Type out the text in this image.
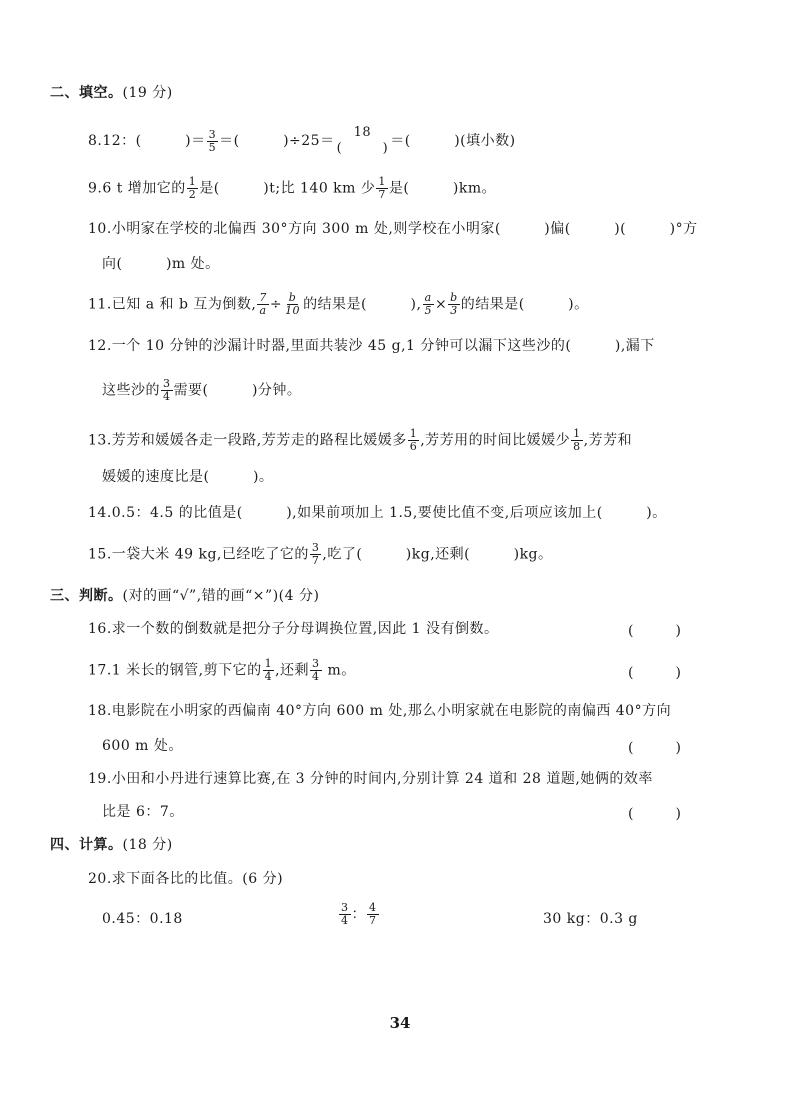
二、填空。(19 分)
8.12：(　　　)＝ $\frac{3}{5}$ ＝(　　　)÷25＝
18
(　　　) ＝(　　　)(填小数)
9.6 t 增加它的 $\frac{1}{2}$ 是(　　　)t;比 140 km 少 $\frac{1}{7}$ 是(　　　)km。
10.小明家在学校的北偏西 30°方向 300 m 处,则学校在小明家(　　　)偏(　　　)(　　　)°方
向(　　　)m 处。
11.已知 a 和 b 互为倒数, $\frac{7}{a} \div \frac{b}{10}$ 的结果是(　　　), $\frac{a}{5} \times \frac{b}{3}$ 的结果是(　　　)。
12.一个 10 分钟的沙漏计时器,里面共装沙 45 g,1 分钟可以漏下这些沙的(　　　),漏下
这些沙的 $\frac{3}{4}$ 需要(　　　)分钟。
13.芳芳和媛媛各走一段路,芳芳走的路程比媛媛多 $\frac{1}{6}$ ,芳芳用的时间比媛媛少 $\frac{1}{8}$ ,芳芳和
媛媛的速度比是(　　　)。
14.0.5：4.5 的比值是(　　　),如果前项加上 1.5,要使比值不变,后项应该加上(　　　)。
15.一袋大米 49 kg,已经吃了它的 $\frac{3}{7}$ ,吃了(　　　)kg,还剩(　　　)kg。
三、判断。(对的画“√”,错的画“×”)(4 分)
16.求一个数的倒数就是把分子分母调换位置,因此 1 没有倒数。	(　　　)
17.1 米长的钢管,剪下它的 $\frac{1}{4}$ ,还剩 $\frac{3}{4}$ m。	(　　　)
18.电影院在小明家的西偏南 40°方向 600 m 处,那么小明家就在电影院的南偏西 40°方向
600 m 处。	(　　　)
19.小田和小丹进行速算比赛,在 3 分钟的时间内,分别计算 24 道和 28 道题,她俩的效率
比是 6：7。	(　　　)
四、计算。(18 分)
20.求下面各比的比值。(6 分)
0.45：0.18	$\frac{3}{4}$ ： $\frac{4}{7}$	30 kg：0.3 g
34
